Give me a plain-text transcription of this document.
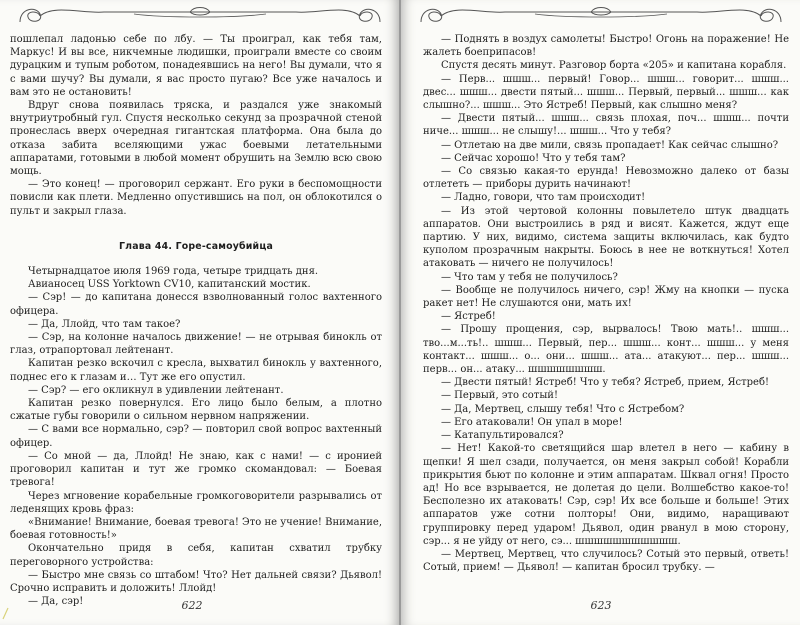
пошлепал ладонью себе по лбу. — Ты проиграл, как тебя там, Маркус! И вы все, никчемные людишки, проиграли вместе со своим дурацким и тупым роботом, понадеявшись на него! Вы думали, что я с вами шучу? Вы думали, я вас просто пугаю? Все уже началось и вам это не остановить!

Вдруг снова появилась тряска, и раздался уже знакомый внутриутробный гул. Спустя несколько секунд за прозрачной стеной пронеслась вверх очередная гигантская платформа. Она была до отказа забита вселяющими ужас боевыми летательными аппаратами, готовыми в любой момент обрушить на Землю всю свою мощь.

— Это конец! — проговорил сержант. Его руки в беспомощности повисли как плети. Медленно опустившись на пол, он облокотился о пульт и закрыл глаза.

Глава 44. Горе-самоубийца

Четырнадцатое июля 1969 года, четыре тридцать дня.

Авианосец USS Yorktown CV10, капитанский мостик.

— Сэр! — до капитана донесся взволнованный голос вахтенного офицера.

— Да, Ллойд, что там такое?

— Сэр, на колонне началось движение! — не отрывая бинокль от глаз, отрапортовал лейтенант.

Капитан резко вскочил с кресла, выхватил бинокль у вахтенного, поднес его к глазам и… Тут же его опустил.

— Сэр? — его окликнул в удивлении лейтенант.

Капитан резко повернулся. Его лицо было белым, а плотно сжатые губы говорили о сильном нервном напряжении.

— С вами все нормально, сэр? — повторил свой вопрос вахтенный офицер.

— Со мной — да, Ллойд! Не знаю, как с нами! — с иронией проговорил капитан и тут же громко скомандовал: — Боевая тревога!

Через мгновение корабельные громкоговорители разрывались от леденящих кровь фраз:

«Внимание! Внимание, боевая тревога! Это не учение! Внимание, боевая готовность!»

Окончательно придя в себя, капитан схватил трубку переговорного устройства:

— Быстро мне связь со штабом! Что? Нет дальней связи? Дьявол! Срочно исправить и доложить! Ллойд!

— Да, сэр!	622

— Поднять в воздух самолеты! Быстро! Огонь на поражение! Не жалеть боеприпасов!

Спустя десять минут. Разговор борта «205» и капитана корабля.

— Перв... шшш... первый! Говор... шшш... говорит... шшш... двес... шшш... двести пятый... шшш... Первый, первый... шшш... как слышно?... шшш... Это Ястреб! Первый, как слышно меня?

— Двести пятый... шшш... связь плохая, поч... шшш... почти ниче... шшш... не слышу!... шшш... Что у тебя?

— Отлетаю на две мили, связь пропадает! Как сейчас слышно?

— Сейчас хорошо! Что у тебя там?

— Со связью какая-то ерунда! Невозможно далеко от базы отлететь — приборы дурить начинают!

— Ладно, говори, что там происходит!

— Из этой чертовой колонны повылетело штук двадцать аппаратов. Они выстроились в ряд и висят. Кажется, ждут еще партию. У них, видимо, система защиты включилась, как будто куполом прозрачным накрыты. Боюсь в нее не воткнуться! Хотел атаковать — ничего не получилось!

— Что там у тебя не получилось?

— Вообще не получилось ничего, сэр! Жму на кнопки — пуска ракет нет! Не слушаются они, мать их!

— Ястреб!

— Прошу прощения, сэр, вырвалось! Твою мать!.. шшш... тво...м...ть!.. шшш... Первый, пер... шшш... конт... шшш... у меня контакт... шшш... о... они... шшш... ата... атакуют... пер... шшш... перв... он... атаку... шшшшшшшш.

— Двести пятый! Ястреб! Что у тебя? Ястреб, прием, Ястреб!

— Первый, это сотый!

— Да, Мертвец, слышу тебя! Что с Ястребом?

— Его атаковали! Он упал в море!

— Катапультировался?

— Нет! Какой-то светящийся шар влетел в него — кабину в щепки! Я шел сзади, получается, он меня закрыл собой! Корабли прикрытия бьют по колонне и этим аппаратам. Шквал огня! Просто ад! Но все взрывается, не долетая до цели. Волшебство какое-то! Бесполезно их атаковать! Сэр, сэр! Их все больше и больше! Этих аппаратов уже сотни полторы! Они, видимо, наращивают группировку перед ударом! Дьявол, один рванул в мою сторону, сэр... я не уйду от него, сэ... шшшшшшшшшшш.

— Мертвец, Мертвец, что случилось? Сотый это первый, ответь! Сотый, прием! — Дьявол! — капитан бросил трубку. —

623
